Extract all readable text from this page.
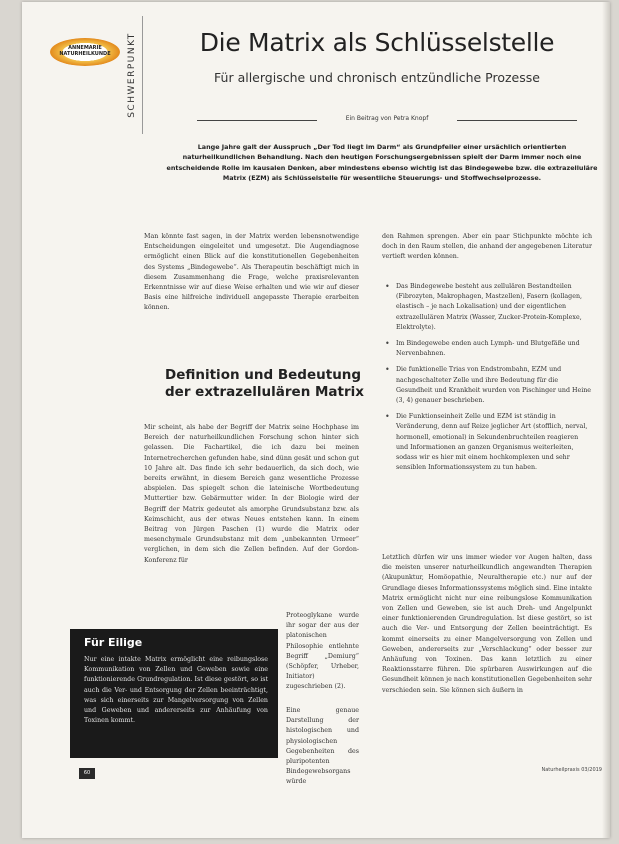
ANNEMARIE NATURHEILKUNDE	SCHWERPUNKT	Die Matrix als Schlüsselstelle
Für allergische und chronisch entzündliche Prozesse
Ein Beitrag von Petra Knopf
Lange Jahre galt der Ausspruch „Der Tod liegt im Darm“ als Grundpfeiler einer ursächlich orientierten naturheilkundlichen Behandlung. Nach den heutigen Forschungsergebnissen spielt der Darm immer noch eine entscheidende Rolle im kausalen Denken, aber mindestens ebenso wichtig ist das Bindegewebe bzw. die extrazelluläre Matrix (EZM) als Schlüsselstelle für wesentliche Steuerungs- und Stoffwechselprozesse.

Man könnte fast sagen, in der Matrix werden lebensnotwendige Entscheidungen eingeleitet und umgesetzt. Die Augendiagnose ermöglicht einen Blick auf die konstitutionellen Gegebenheiten des Systems „Bindegewebe“. Als Therapeutin beschäftigt mich in diesem Zusammenhang die Frage, welche praxisrelevanten Erkenntnisse wir auf diese Weise erhalten und wie wir auf dieser Basis eine hilfreiche individuell angepasste Therapie erarbeiten können.

Definition und Bedeutung der extrazellulären Matrix

Mir scheint, als habe der Begriff der Matrix seine Hochphase im Bereich der naturheilkundlichen Forschung schon hinter sich gelassen. Die Fachartikel, die ich dazu bei meinen Internetrecherchen gefunden habe, sind dünn gesät und schon gut 10 Jahre alt. Das finde ich sehr bedauerlich, da sich doch, wie bereits erwähnt, in diesem Bereich ganz wesentliche Prozesse abspielen. Das spiegelt schon die lateinische Wortbedeutung Muttertier bzw. Gebärmutter wider. In der Biologie wird der Begriff der Matrix gedeutet als amorphe Grundsubstanz bzw. als Keimschicht, aus der etwas Neues entstehen kann. In einem Beitrag von Jürgen Paschen (1) wurde die Matrix oder mesenchymale Grundsubstanz mit dem „unbekannten Urmeer“ verglichen, in dem sich die Zellen befinden. Auf der Gordon-Konferenz für

Proteoglykane wurde ihr sogar der aus der platonischen Philosophie entlehnte Begriff „Demiurg“ (Schöpfer, Urheber, Initiator) zugeschrieben (2).

Eine genaue Darstellung der histologischen und physiologischen Gegebenheiten des pluripotenten Bindegewebsorgans würde

den Rahmen sprengen. Aber ein paar Stichpunkte möchte ich doch in den Raum stellen, die anhand der angegebenen Literatur vertieft werden können.

• Das Bindegewebe besteht aus zellulären Bestandteilen (Fibrozyten, Makrophagen, Mastzellen), Fasern (kollagen, elastisch – je nach Lokalisation) und der eigentlichen extrazellulären Matrix (Wasser, Zucker-Protein-Komplexe, Elektrolyte).
• Im Bindegewebe enden auch Lymph- und Blutgefäße und Nervenbahnen.
• Die funktionelle Trias von Endstrombahn, EZM und nachgeschalteter Zelle und ihre Bedeutung für die Gesundheit und Krankheit wurden von Pischinger und Heine (3, 4) genauer beschrieben.
• Die Funktionseinheit Zelle und EZM ist ständig in Veränderung, denn auf Reize jeglicher Art (stofflich, nerval, hormonell, emotional) in Sekundenbruchteilen reagieren und Informationen an ganzen Organismus weiterleiten, sodass wir es hier mit einem hochkomplexen und sehr sensiblen Informationssystem zu tun haben.

Letztlich dürfen wir uns immer wieder vor Augen halten, dass die meisten unserer naturheilkundlich angewandten Therapien (Akupunktur, Homöopathie, Neuraltherapie etc.) nur auf der Grundlage dieses Informationssystems möglich sind. Eine intakte Matrix ermöglicht nicht nur eine reibungslose Kommunikation von Zellen und Geweben, sie ist auch Dreh- und Angelpunkt einer funktionierenden Grundregulation. Ist diese gestört, so ist auch die Ver- und Entsorgung der Zellen beeinträchtigt. Es kommt einerseits zu einer Mangelversorgung von Zellen und Geweben, andererseits zur „Verschlackung“ oder besser zur Anhäufung von Toxinen. Das kann letztlich zu einer Reaktionsstarre führen. Die spürbaren Auswirkungen auf die Gesundheit können je nach konstitutionellen Gegebenheiten sehr verschieden sein. Sie können sich äußern in

Für Eilige
Nur eine intakte Matrix ermöglicht eine reibungslose Kommunikation von Zellen und Geweben sowie eine funktionierende Grundregulation. Ist diese gestört, so ist auch die Ver- und Entsorgung der Zellen beeinträchtigt, was sich einerseits zur Mangelversorgung von Zellen und Geweben und andererseits zur Anhäufung von Toxinen kommt.
60	Naturheilpraxis 03/2019
